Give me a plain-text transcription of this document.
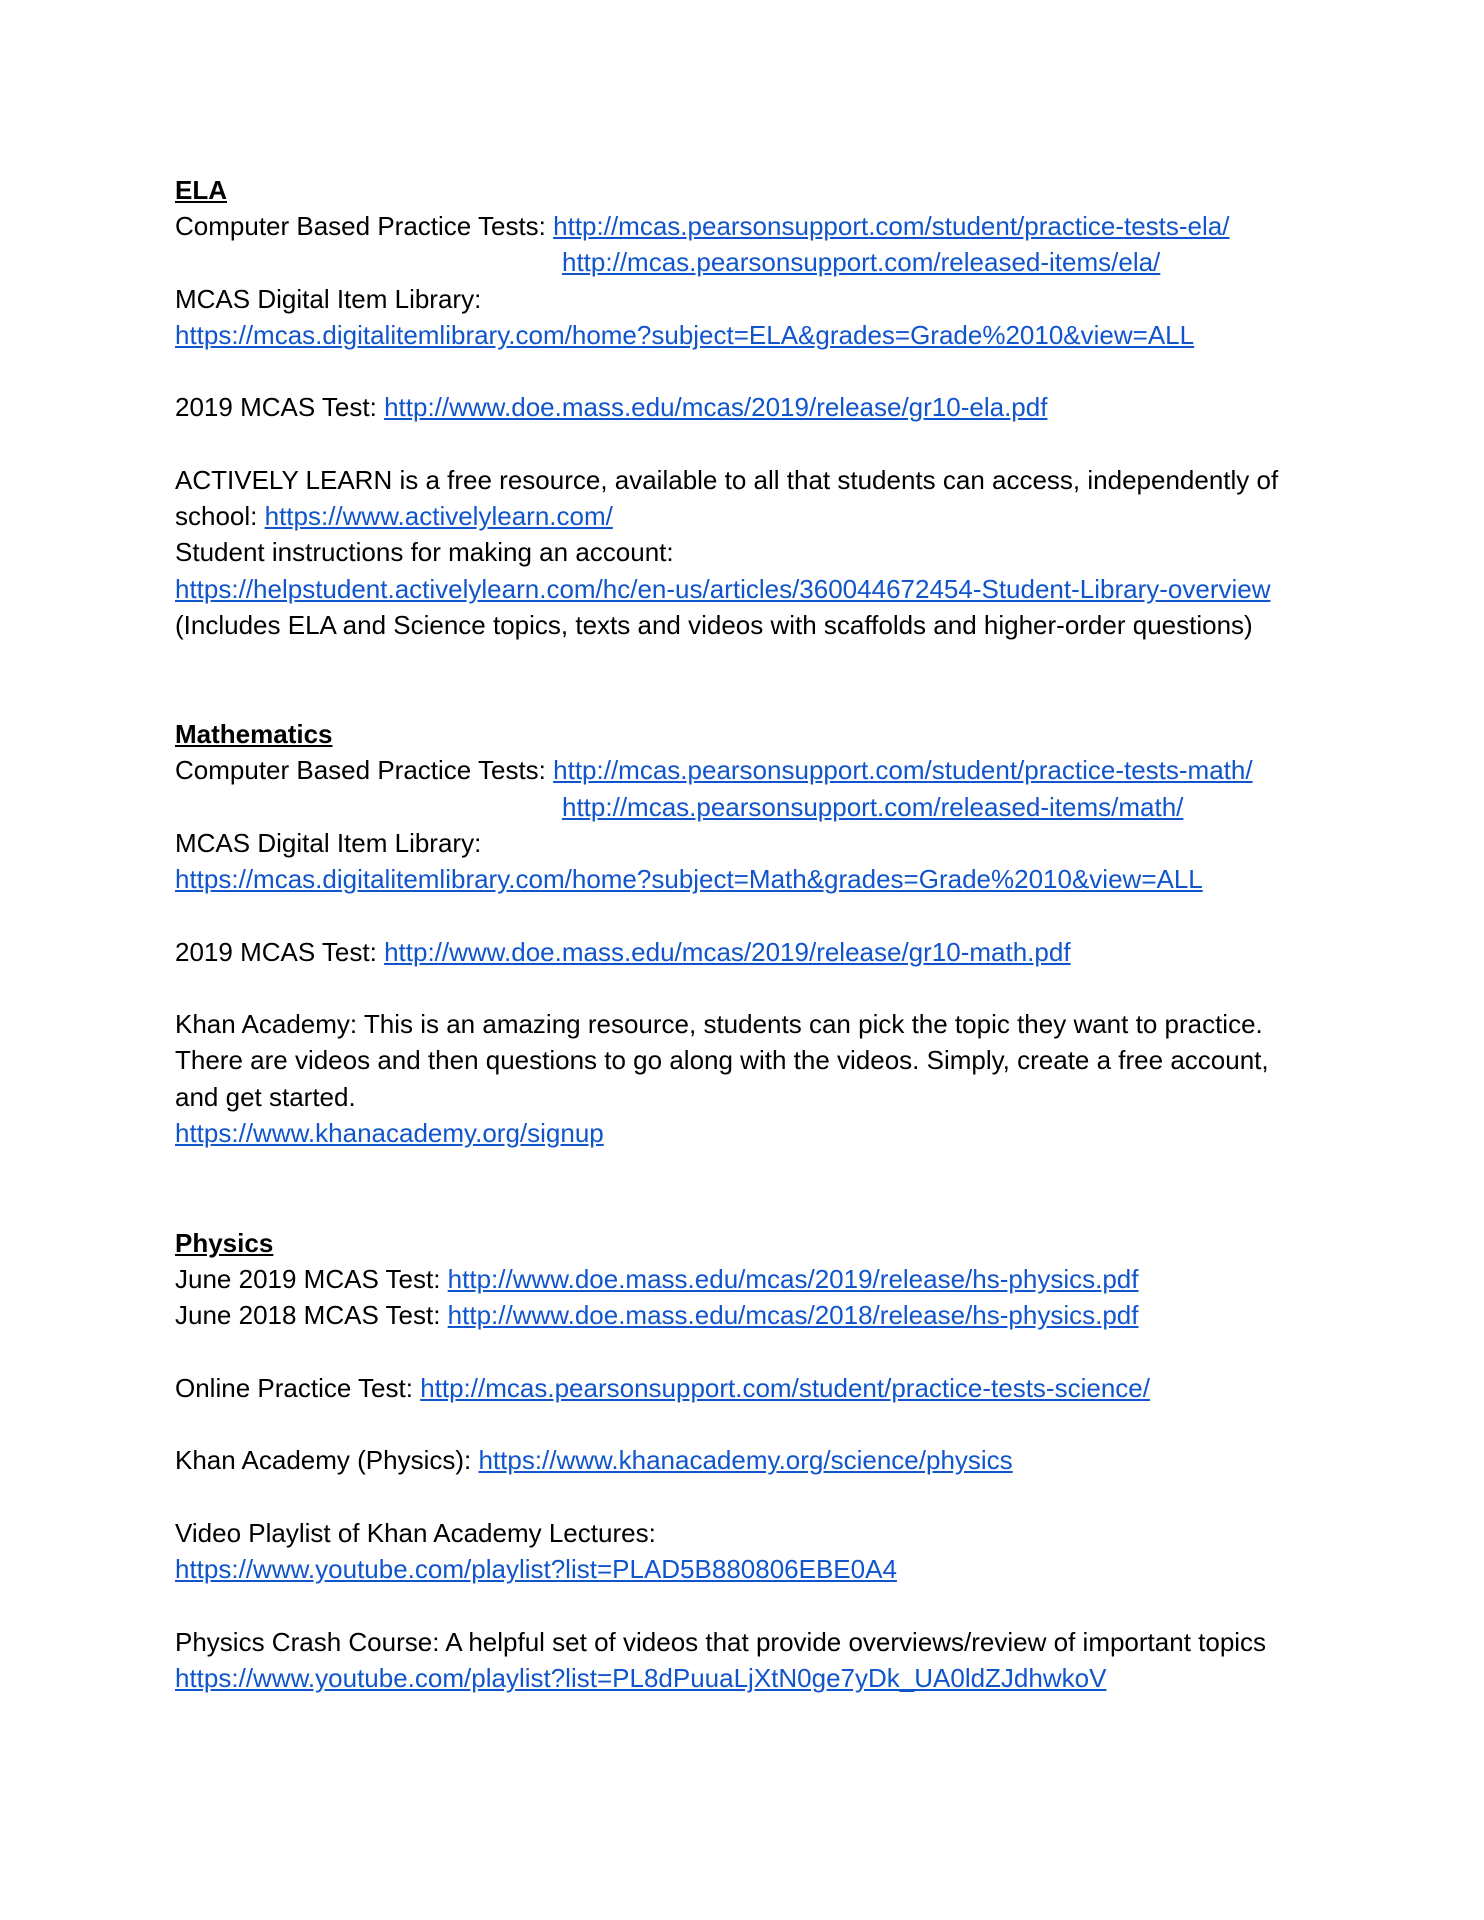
ELA
Computer Based Practice Tests: http://mcas.pearsonsupport.com/student/practice-tests-ela/
http://mcas.pearsonsupport.com/released-items/ela/
MCAS Digital Item Library:
https://mcas.digitalitemlibrary.com/home?subject=ELA&grades=Grade%2010&view=ALL
2019 MCAS Test: http://www.doe.mass.edu/mcas/2019/release/gr10-ela.pdf
ACTIVELY LEARN is a free resource, available to all that students can access, independently of
school: https://www.activelylearn.com/
Student instructions for making an account:
https://helpstudent.activelylearn.com/hc/en-us/articles/360044672454-Student-Library-overview
(Includes ELA and Science topics, texts and videos with scaffolds and higher-order questions)
Mathematics
Computer Based Practice Tests: http://mcas.pearsonsupport.com/student/practice-tests-math/
http://mcas.pearsonsupport.com/released-items/math/
MCAS Digital Item Library:
https://mcas.digitalitemlibrary.com/home?subject=Math&grades=Grade%2010&view=ALL
2019 MCAS Test: http://www.doe.mass.edu/mcas/2019/release/gr10-math.pdf
Khan Academy: This is an amazing resource, students can pick the topic they want to practice.
There are videos and then questions to go along with the videos. Simply, create a free account,
and get started.
https://www.khanacademy.org/signup
Physics
June 2019 MCAS Test: http://www.doe.mass.edu/mcas/2019/release/hs-physics.pdf
June 2018 MCAS Test: http://www.doe.mass.edu/mcas/2018/release/hs-physics.pdf
Online Practice Test: http://mcas.pearsonsupport.com/student/practice-tests-science/
Khan Academy (Physics): https://www.khanacademy.org/science/physics
Video Playlist of Khan Academy Lectures:
https://www.youtube.com/playlist?list=PLAD5B880806EBE0A4
Physics Crash Course: A helpful set of videos that provide overviews/review of important topics
https://www.youtube.com/playlist?list=PL8dPuuaLjXtN0ge7yDk_UA0ldZJdhwkoV
